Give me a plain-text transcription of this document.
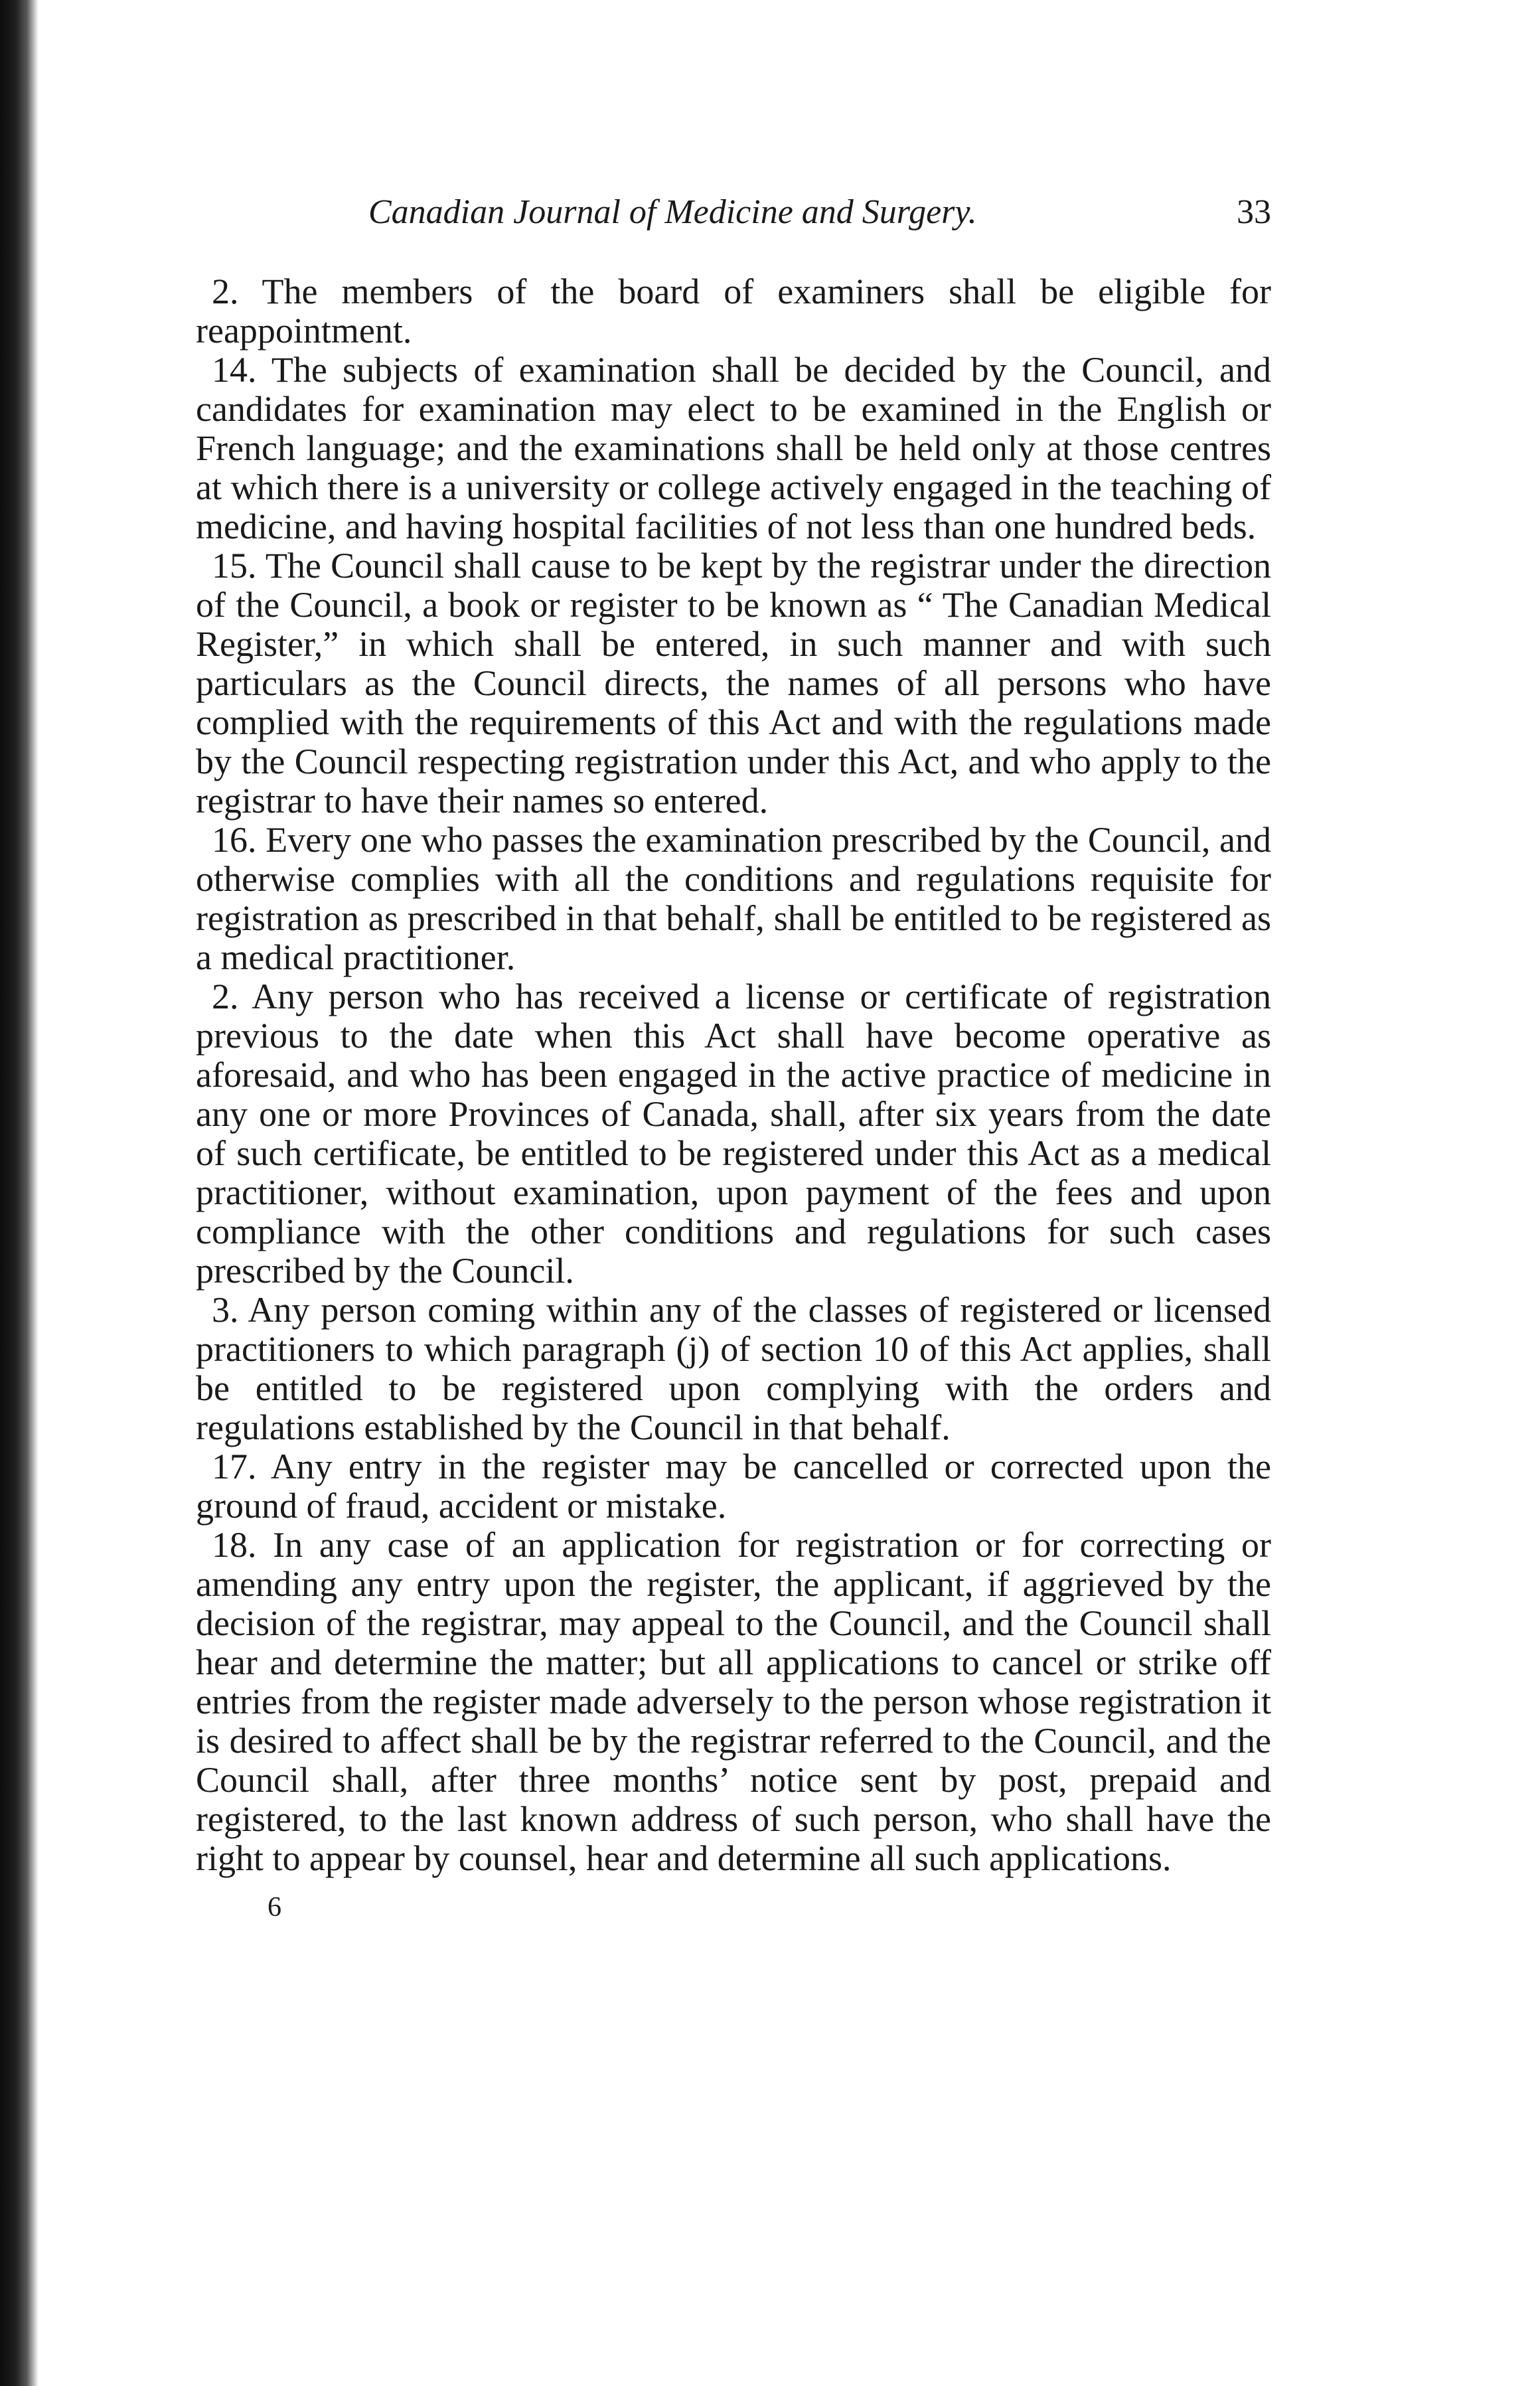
Canadian Journal of Medicine and Surgery.	33

2. The members of the board of examiners shall be eligible for reappointment.

14. The subjects of examination shall be decided by the Council, and candidates for examination may elect to be examined in the English or French language; and the examinations shall be held only at those centres at which there is a university or college actively engaged in the teaching of medicine, and having hospital facilities of not less than one hundred beds.

15. The Council shall cause to be kept by the registrar under the direction of the Council, a book or register to be known as “ The Canadian Medical Register,” in which shall be entered, in such manner and with such particulars as the Council directs, the names of all persons who have complied with the requirements of this Act and with the regulations made by the Council respecting registration under this Act, and who apply to the registrar to have their names so entered.

16. Every one who passes the examination prescribed by the Council, and otherwise complies with all the conditions and regulations requisite for registration as prescribed in that behalf, shall be entitled to be registered as a medical practitioner.

2. Any person who has received a license or certificate of registration previous to the date when this Act shall have become operative as aforesaid, and who has been engaged in the active practice of medicine in any one or more Provinces of Canada, shall, after six years from the date of such certificate, be entitled to be registered under this Act as a medical practitioner, without examination, upon payment of the fees and upon compliance with the other conditions and regulations for such cases prescribed by the Council.

3. Any person coming within any of the classes of registered or licensed practitioners to which paragraph (j) of section 10 of this Act applies, shall be entitled to be registered upon complying with the orders and regulations established by the Council in that behalf.

17. Any entry in the register may be cancelled or corrected upon the ground of fraud, accident or mistake.

18. In any case of an application for registration or for correcting or amending any entry upon the register, the applicant, if aggrieved by the decision of the registrar, may appeal to the Council, and the Council shall hear and determine the matter; but all applications to cancel or strike off entries from the register made adversely to the person whose registration it is desired to affect shall be by the registrar referred to the Council, and the Council shall, after three months’ notice sent by post, prepaid and registered, to the last known address of such person, who shall have the right to appear by counsel, hear and determine all such applications.

6
